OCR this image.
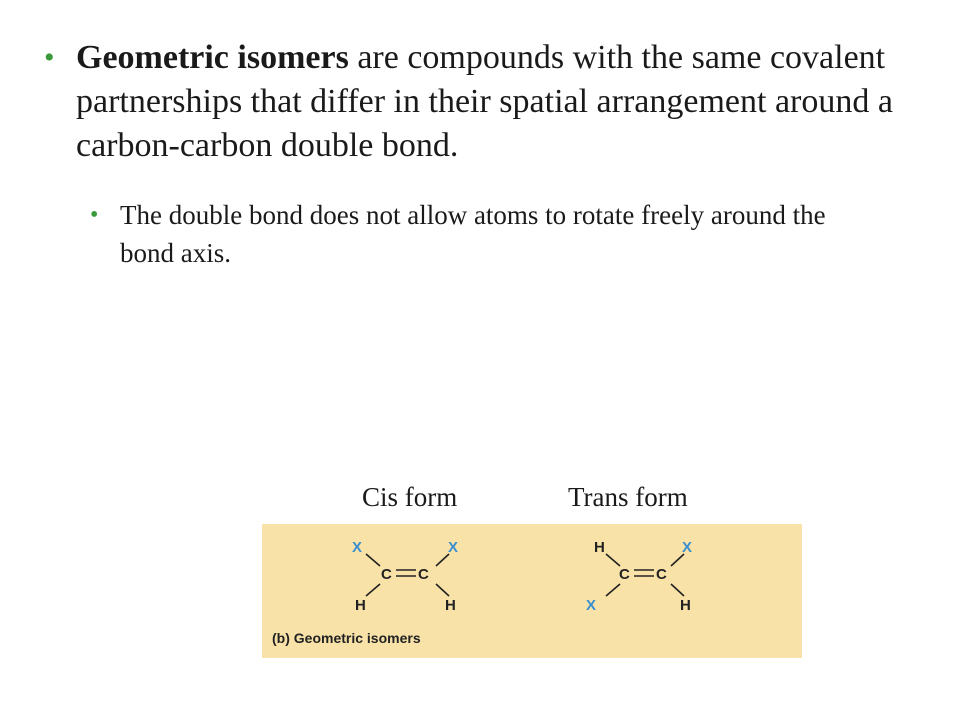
• Geometric isomers are compounds with the same covalent partnerships that differ in their spatial arrangement around a carbon-carbon double bond.
• The double bond does not allow atoms to rotate freely around the bond axis.
Cis form	Trans form
X	X
C C
H	H
H	X
C C
X	H
(b) Geometric isomers
